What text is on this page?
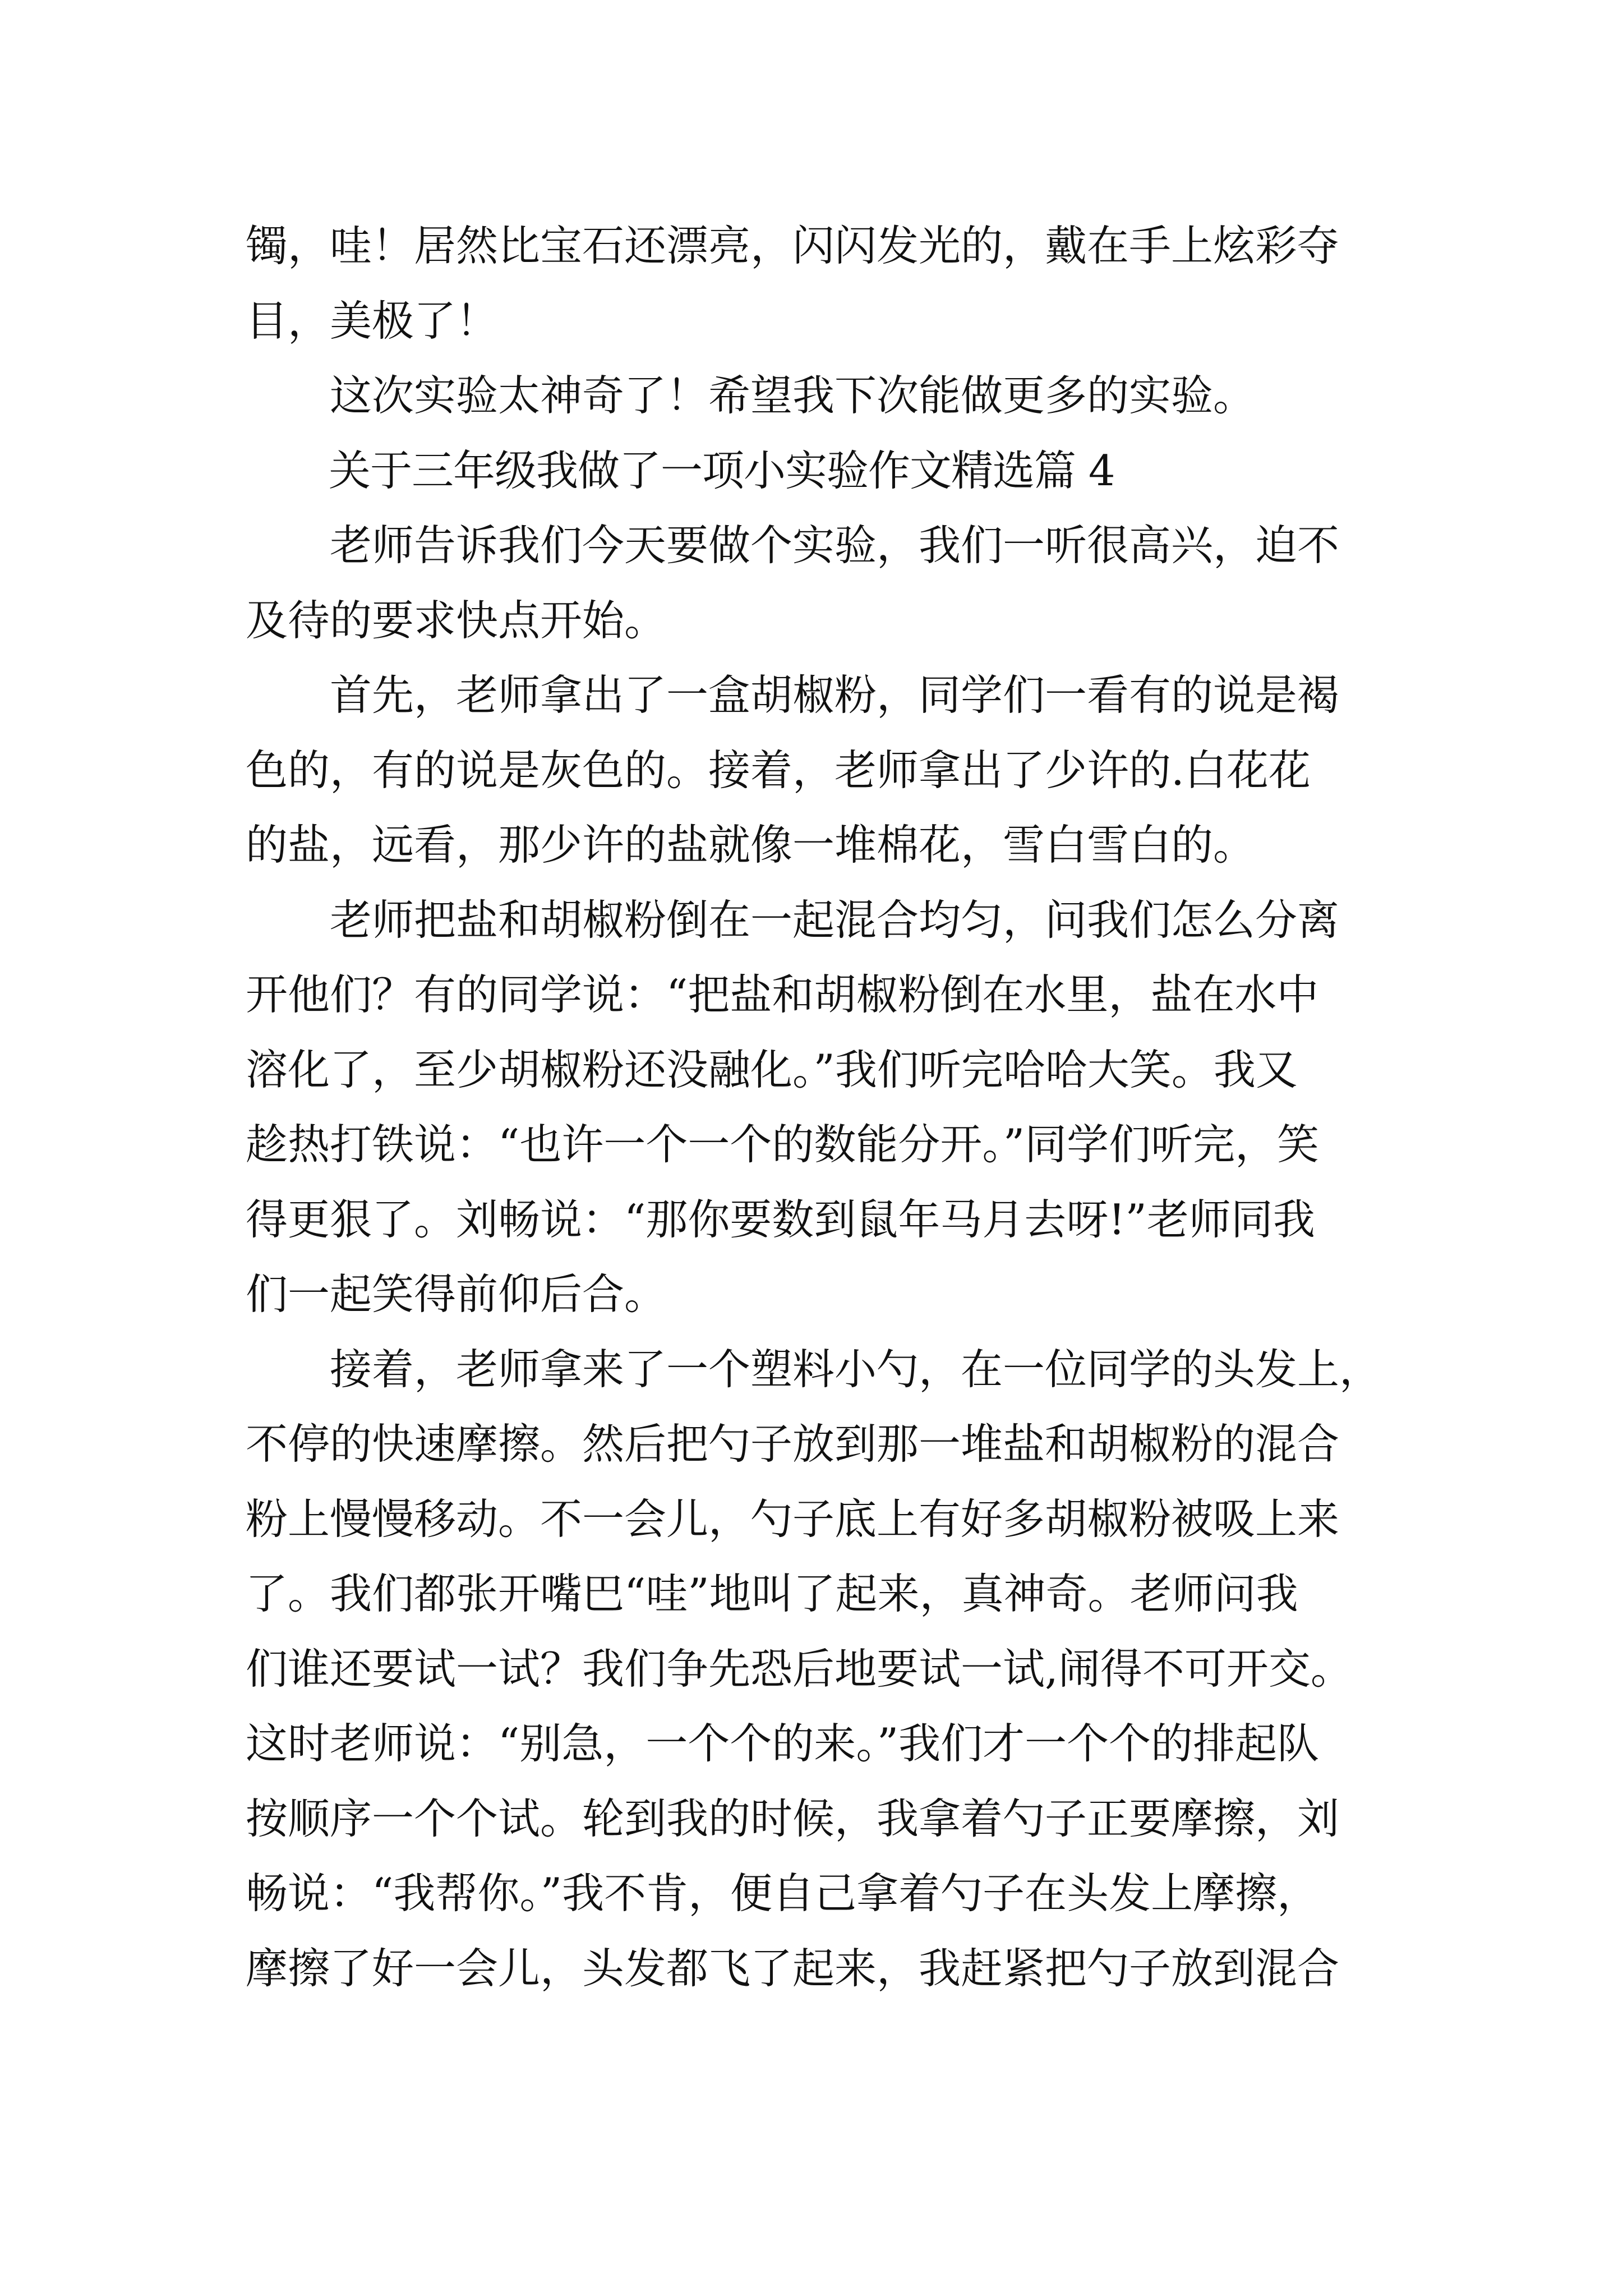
镯，哇！居然比宝石还漂亮，闪闪发光的，戴在手上炫彩夺
目，美极了！
　　这次实验太神奇了！希望我下次能做更多的实验。
　　关于三年级我做了一项小实验作文精选篇 4
　　老师告诉我们今天要做个实验，我们一听很高兴，迫不
及待的要求快点开始。
　　首先，老师拿出了一盒胡椒粉，同学们一看有的说是褐
色的，有的说是灰色的。接着，老师拿出了少许的.白花花
的盐，远看，那少许的盐就像一堆棉花，雪白雪白的。
　　老师把盐和胡椒粉倒在一起混合均匀，问我们怎么分离
开他们？有的同学说：“把盐和胡椒粉倒在水里，盐在水中
溶化了，至少胡椒粉还没融化。”我们听完哈哈大笑。我又
趁热打铁说：“也许一个一个的数能分开。”同学们听完，笑
得更狠了。刘畅说：“那你要数到鼠年马月去呀!”老师同我
们一起笑得前仰后合。
　　接着，老师拿来了一个塑料小勺，在一位同学的头发上，
不停的快速摩擦。然后把勺子放到那一堆盐和胡椒粉的混合
粉上慢慢移动。不一会儿，勺子底上有好多胡椒粉被吸上来
了。我们都张开嘴巴“哇”地叫了起来，真神奇。老师问我
们谁还要试一试？我们争先恐后地要试一试,闹得不可开交。
这时老师说：“别急，一个个的来。”我们才一个个的排起队
按顺序一个个试。轮到我的时候，我拿着勺子正要摩擦，刘
畅说：“我帮你。”我不肯，便自己拿着勺子在头发上摩擦，
摩擦了好一会儿，头发都飞了起来，我赶紧把勺子放到混合
